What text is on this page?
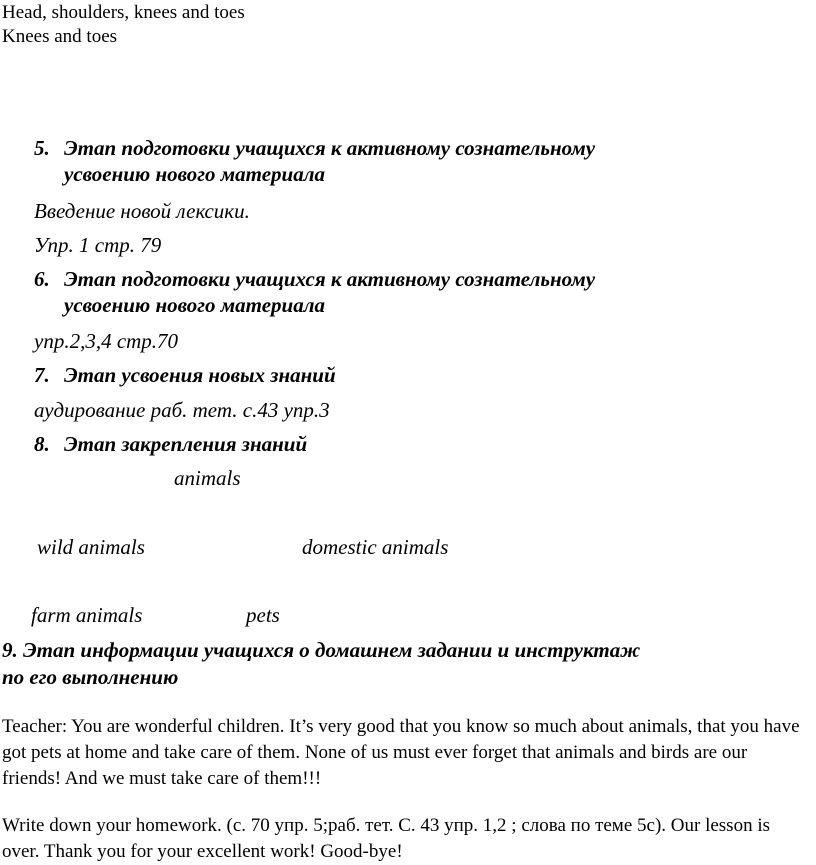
Head, shoulders, knees and toes
Knees and toes
5. Этап подготовки учащихся к активному сознательному
усвоению нового материала
Введение новой лексики.
Упр. 1 стр. 79
6. Этап подготовки учащихся к активному сознательному
усвоению нового материала
упр.2,3,4 стр.70
7. Этап усвоения новых знаний
аудирование раб. тет. с.43 упр.3
8. Этап закрепления знаний
animals
wild animals	domestic animals
farm animals	pets
9. Этап информации учащихся о домашнем задании и инструктаж
по его выполнению
Teacher: You are wonderful children. It’s very good that you know so much about animals, that you have got pets at home and take care of them. None of us must ever forget that animals and birds are our friends! And we must take care of them!!!
Write down your homework. (с. 70 упр. 5;раб. тет. С. 43 упр. 1,2 ; слова по теме 5с). Our lesson is over. Thank you for your excellent work! Good-bye!
